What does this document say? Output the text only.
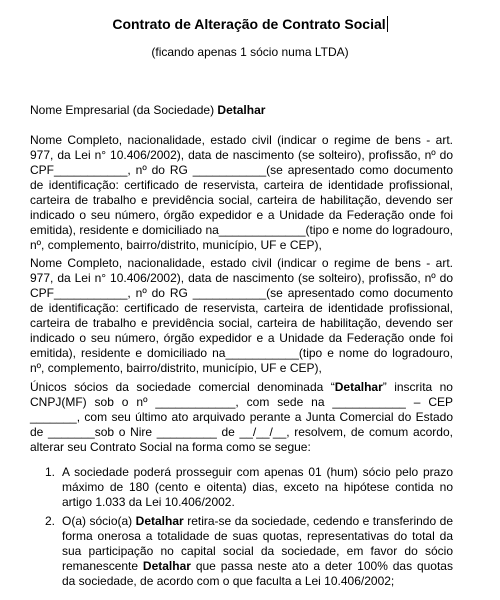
Contrato de Alteração de Contrato Social
(ficando apenas 1 sócio numa LTDA)
Nome Empresarial (da Sociedade) Detalhar
Nome Completo, nacionalidade, estado civil (indicar o regime de bens - art. 977, da Lei n° 10.406/2002), data de nascimento (se solteiro), profissão, nº do CPF___________, nº do RG ___________(se apresentado como documento de identificação: certificado de reservista, carteira de identidade profissional, carteira de trabalho e previdência social, carteira de habilitação, devendo ser indicado o seu número, órgão expedidor e a Unidade da Federação onde foi emitida), residente e domiciliado na_____________(tipo e nome do logradouro, nº, complemento, bairro/distrito, município, UF e CEP),
Nome Completo, nacionalidade, estado civil (indicar o regime de bens - art. 977, da Lei n° 10.406/2002), data de nascimento (se solteiro), profissão, nº do CPF___________, nº do RG ___________(se apresentado como documento de identificação: certificado de reservista, carteira de identidade profissional, carteira de trabalho e previdência social, carteira de habilitação, devendo ser indicado o seu número, órgão expedidor e a Unidade da Federação onde foi emitida), residente e domiciliado na___________(tipo e nome do logradouro, nº, complemento, bairro/distrito, município, UF e CEP),
Únicos sócios da sociedade comercial denominada “Detalhar” inscrita no CNPJ(MF) sob o nº ____________, com sede na ___________ – CEP _______, com seu último ato arquivado perante a Junta Comercial do Estado de _______sob o Nire _________ de __/__/__, resolvem, de comum acordo, alterar seu Contrato Social na forma como se segue:
1. A sociedade poderá prosseguir com apenas 01 (hum) sócio pelo prazo máximo de 180 (cento e oitenta) dias, exceto na hipótese contida no artigo 1.033 da Lei 10.406/2002.
2. O(a) sócio(a) Detalhar retira-se da sociedade, cedendo e transferindo de forma onerosa a totalidade de suas quotas, representativas do total da sua participação no capital social da sociedade, em favor do sócio remanescente Detalhar que passa neste ato a deter 100% das quotas da sociedade, de acordo com o que faculta a Lei 10.406/2002;
